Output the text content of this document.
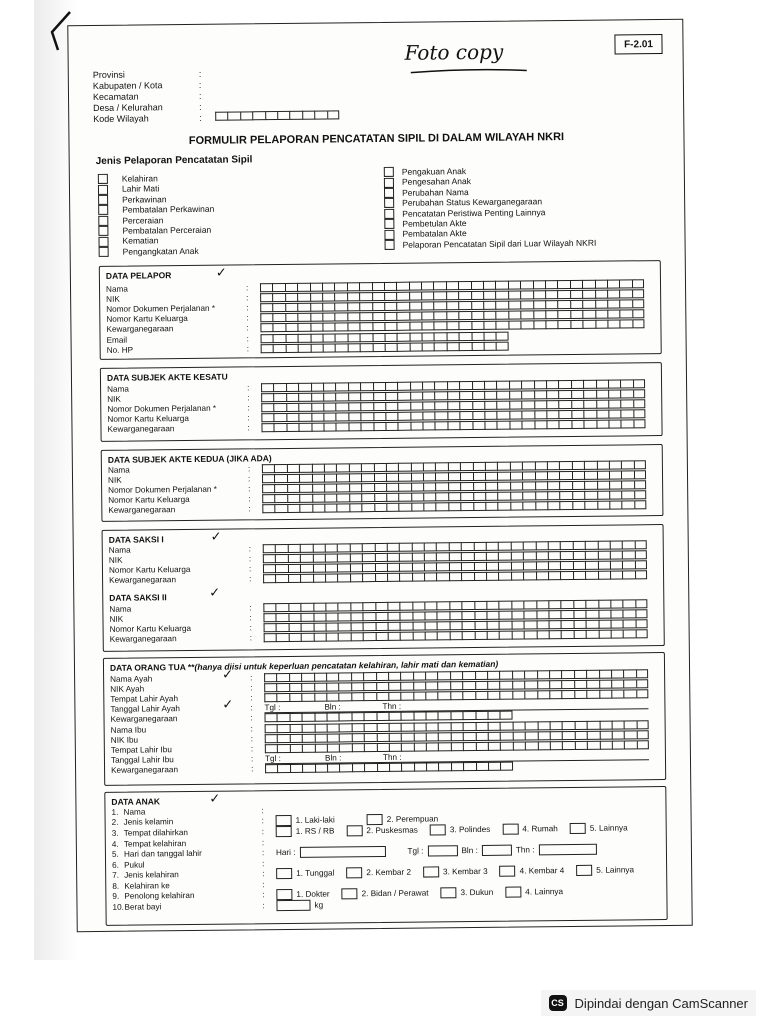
F-2.01
Foto copy
Provinsi	:
Kabupaten / Kota	:
Kecamatan	:
Desa / Kelurahan	:
Kode Wilayah	:
FORMULIR PELAPORAN PENCATATAN SIPIL DI DALAM WILAYAH NKRI
Jenis Pelaporan Pencatatan Sipil
Kelahiran
Lahir Mati
Perkawinan
Pembatalan Perkawinan
Perceraian
Pembatalan Perceraian
Kematian
Pengangkatan Anak
Pengakuan Anak
Pengesahan Anak
Perubahan Nama
Perubahan Status Kewarganegaraan
Pencatatan Peristiwa Penting Lainnya
Pembetulan Akte
Pembatalan Akte
Pelaporan Pencatatan Sipil dari Luar Wilayah NKRI
DATA PELAPOR	✓
Nama	:
NIK	:
Nomor Dokumen Perjalanan *	:
Nomor Kartu Keluarga	:
Kewarganegaraan	:
Email	:
No. HP	:
DATA SUBJEK AKTE KESATU
Nama	:
NIK	:
Nomor Dokumen Perjalanan *	:
Nomor Kartu Keluarga	:
Kewarganegaraan	:
DATA SUBJEK AKTE KEDUA (JIKA ADA)
Nama	:
NIK	:
Nomor Dokumen Perjalanan *	:
Nomor Kartu Keluarga	:
Kewarganegaraan	:
DATA SAKSI I	✓
DATA SAKSI II	✓
Nama	:
NIK	:
Nomor Kartu Keluarga	:
Kewarganegaraan	:
Nama	:
NIK	:
Nomor Kartu Keluarga	:
Kewarganegaraan	:
DATA ORANG TUA **(hanya diisi untuk keperluan pencatatan kelahiran, lahir mati dan kematian)
✓
✓
Nama Ayah	:
NIK Ayah	:
Tempat Lahir Ayah	:
Tanggal Lahir Ayah	:	Tgl :	Bln :	Thn :
Kewarganegaraan	:
Nama Ibu	:
NIK Ibu	:
Tempat Lahir Ibu	:
Tanggal Lahir Ibu	:	Tgl :	Bln :	Thn :
Kewarganegaraan	:
DATA ANAK	✓
1. Nama	:
2. Jenis kelamin	:	1. Laki-laki	2. Perempuan
3. Tempat dilahirkan	:	1. RS / RB	2. Puskesmas	3. Polindes	4. Rumah	5. Lainnya
4. Tempat kelahiran	:
5. Hari dan tanggal lahir	:	Hari :	Tgl :	Bln :	Thn :
6. Pukul	:
7. Jenis kelahiran	:	1. Tunggal	2. Kembar 2	3. Kembar 3	4. Kembar 4	5. Lainnya
8. Kelahiran ke	:
9. Penolong kelahiran	:	1. Dokter	2. Bidan / Perawat	3. Dukun	4. Lainnya
10. Berat bayi	:	kg
CS Dipindai dengan CamScanner
